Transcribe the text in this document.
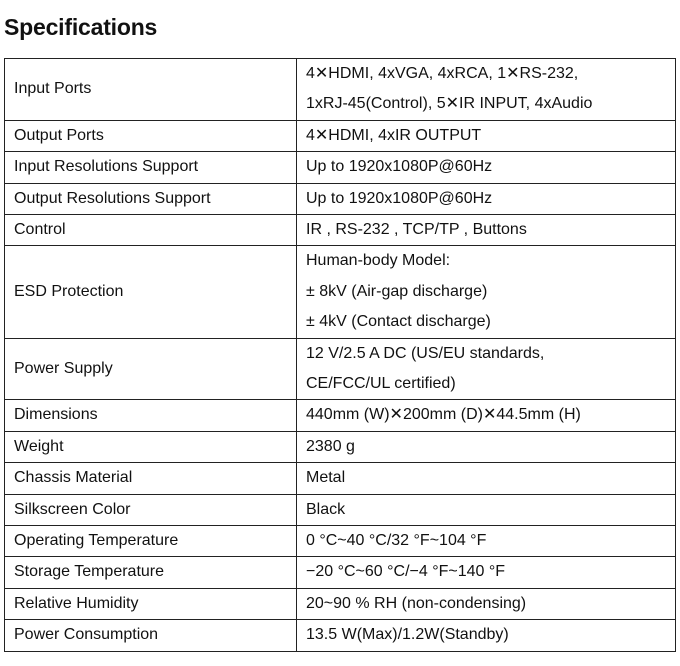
Specifications
Input Ports	4✕HDMI, 4xVGA, 4xRCA, 1✕RS-232,
1xRJ-45(Control), 5✕IR INPUT, 4xAudio

Output Ports	4✕HDMI, 4xIR OUTPUT

Input Resolutions Support	Up to 1920x1080P@60Hz

Output Resolutions Support	Up to 1920x1080P@60Hz

Control	IR , RS-232 , TCP/TP , Buttons

ESD Protection	Human-body Model:
± 8kV (Air-gap discharge)
± 4kV (Contact discharge)

Power Supply	12 V/2.5 A DC (US/EU standards,
CE/FCC/UL certified)

Dimensions	440mm (W)✕200mm (D)✕44.5mm (H)

Weight	2380 g

Chassis Material	Metal

Silkscreen Color	Black

Operating Temperature	0 °C~40 °C/32 °F~104 °F

Storage Temperature	−20 °C~60 °C/−4 °F~140 °F

Relative Humidity	20~90 % RH (non-condensing)

Power Consumption	13.5 W(Max)/1.2W(Standby)
